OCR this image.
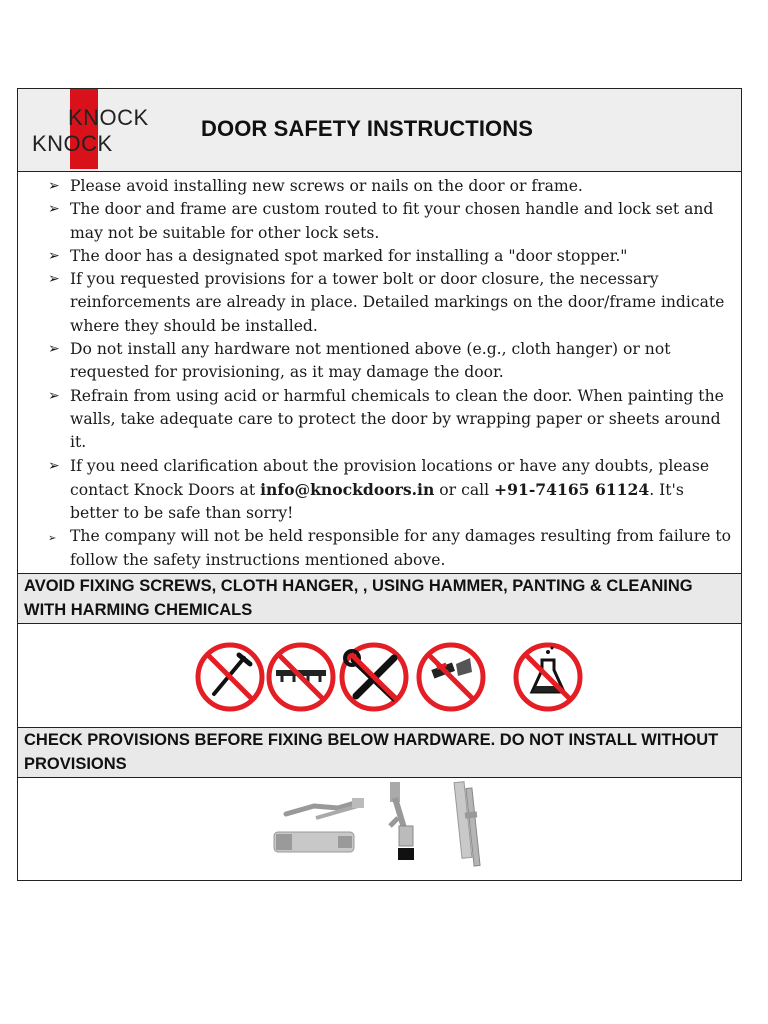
KNOCK
KNOCK
DOOR SAFETY INSTRUCTIONS
➢ Please avoid installing new screws or nails on the door or frame.
➢ The door and frame are custom routed to fit your chosen handle and lock set and may not be suitable for other lock sets.
➢ The door has a designated spot marked for installing a "door stopper."
➢ If you requested provisions for a tower bolt or door closure, the necessary reinforcements are already in place. Detailed markings on the door/frame indicate where they should be installed.
➢ Do not install any hardware not mentioned above (e.g., cloth hanger) or not requested for provisioning, as it may damage the door.
➢ Refrain from using acid or harmful chemicals to clean the door. When painting the walls, take adequate care to protect the door by wrapping paper or sheets around it.
➢ If you need clarification about the provision locations or have any doubts, please contact Knock Doors at info@knockdoors.in or call +91-74165 61124. It's better to be safe than sorry!
➢ The company will not be held responsible for any damages resulting from failure to follow the safety instructions mentioned above.
AVOID FIXING SCREWS, CLOTH HANGER, , USING HAMMER, PANTING & CLEANING WITH HARMING CHEMICALS
CHECK PROVISIONS BEFORE FIXING BELOW HARDWARE. DO NOT INSTALL WITHOUT PROVISIONS
